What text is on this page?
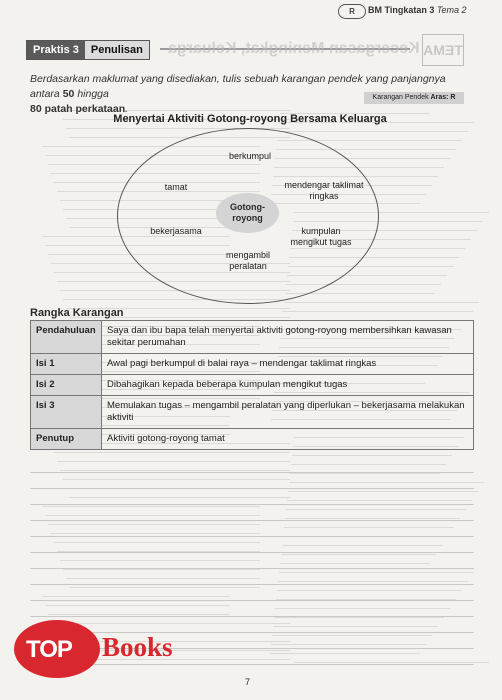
R	BM Tingkatan 3 Tema 2
Kecergasan Meningkat, Keluarga TEMA
Praktis 3	Penulisan
Berdasarkan maklumat yang disediakan, tulis sebuah karangan pendek yang panjangnya antara 50 hingga
80 patah perkataan.
Karangan Pendek Aras: R
Menyertai Aktiviti Gotong-royong Bersama Keluarga
Gotong-royong
berkumpul
mendengar taklimat ringkas
kumpulan mengikut tugas
mengambil peralatan
bekerjasama
tamat
Rangka Karangan
Pendahuluan	Saya dan ibu bapa telah menyertai aktiviti gotong-royong membersihkan kawasan sekitar perumahan
Isi 1	Awal pagi berkumpul di balai raya – mendengar taklimat ringkas
Isi 2	Dibahagikan kepada beberapa kumpulan mengikut tugas
Isi 3	Memulakan tugas – mengambil peralatan yang diperlukan – bekerjasama melakukan aktiviti
Penutup	Aktiviti gotong-royong tamat
TOP Books
7
